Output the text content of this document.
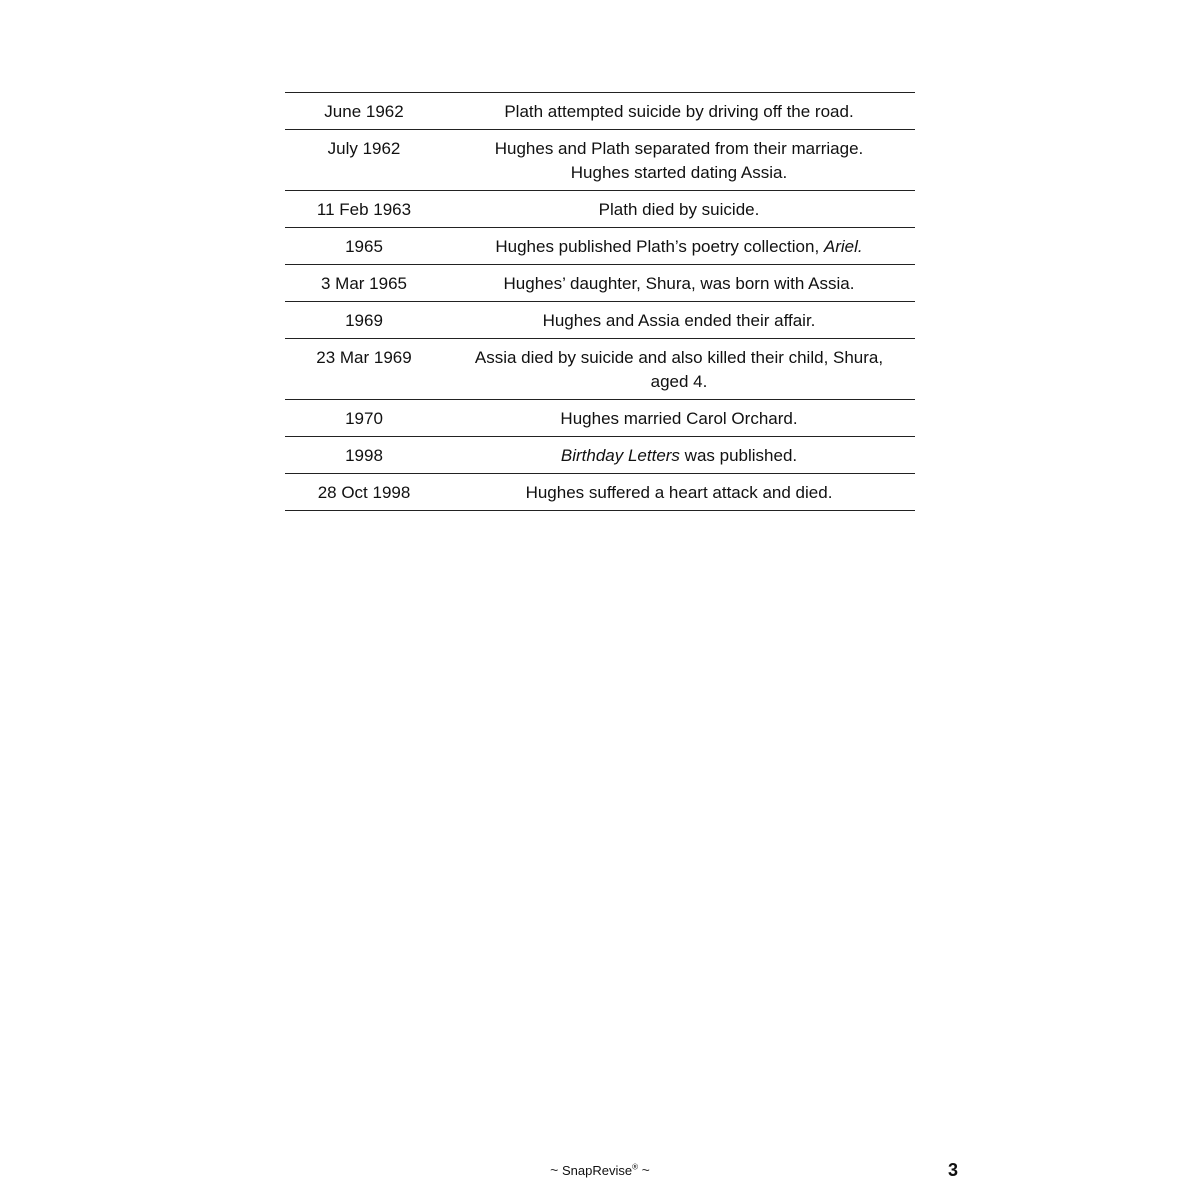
June 1962	Plath attempted suicide by driving off the road.
July 1962	Hughes and Plath separated from their marriage.
Hughes started dating Assia.
11 Feb 1963	Plath died by suicide.
1965	Hughes published Plath’s poetry collection, Ariel.
3 Mar 1965	Hughes’ daughter, Shura, was born with Assia.
1969	Hughes and Assia ended their affair.
23 Mar 1969	Assia died by suicide and also killed their child, Shura, aged 4.
1970	Hughes married Carol Orchard.
1998	Birthday Letters was published.
28 Oct 1998	Hughes suffered a heart attack and died.
~ SnapRevise® ~	3
